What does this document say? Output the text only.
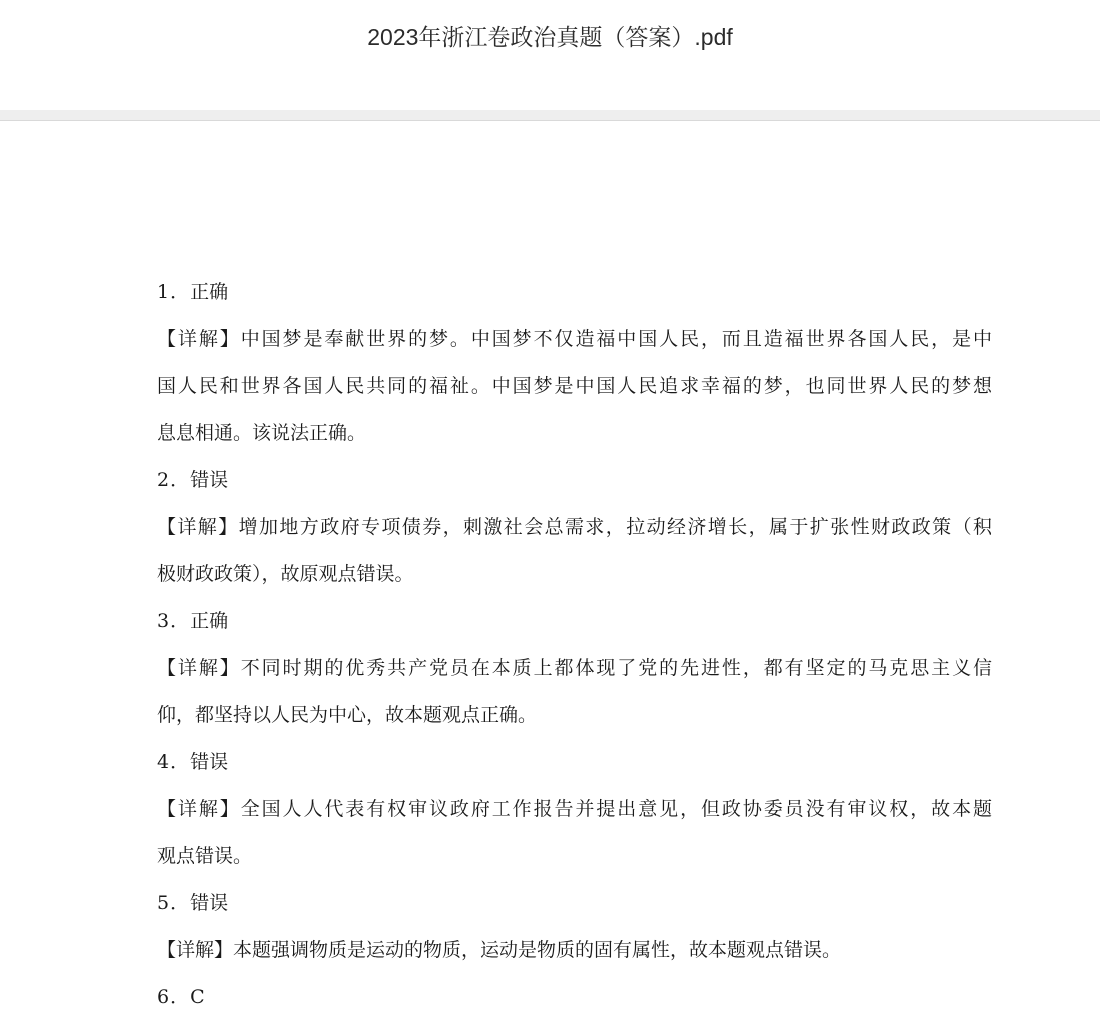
2023年浙江卷政治真题（答案）.pdf
1．正确
【详解】中国梦是奉献世界的梦。中国梦不仅造福中国人民，而且造福世界各国人民，是中
国人民和世界各国人民共同的福祉。中国梦是中国人民追求幸福的梦，也同世界人民的梦想
息息相通。该说法正确。
2．错误
【详解】增加地方政府专项债券，刺激社会总需求，拉动经济增长，属于扩张性财政政策（积
极财政政策），故原观点错误。
3．正确
【详解】不同时期的优秀共产党员在本质上都体现了党的先进性，都有坚定的马克思主义信
仰，都坚持以人民为中心，故本题观点正确。
4．错误
【详解】全国人人代表有权审议政府工作报告并提出意见，但政协委员没有审议权，故本题
观点错误。
5．错误
【详解】本题强调物质是运动的物质，运动是物质的固有属性，故本题观点错误。
6．C
